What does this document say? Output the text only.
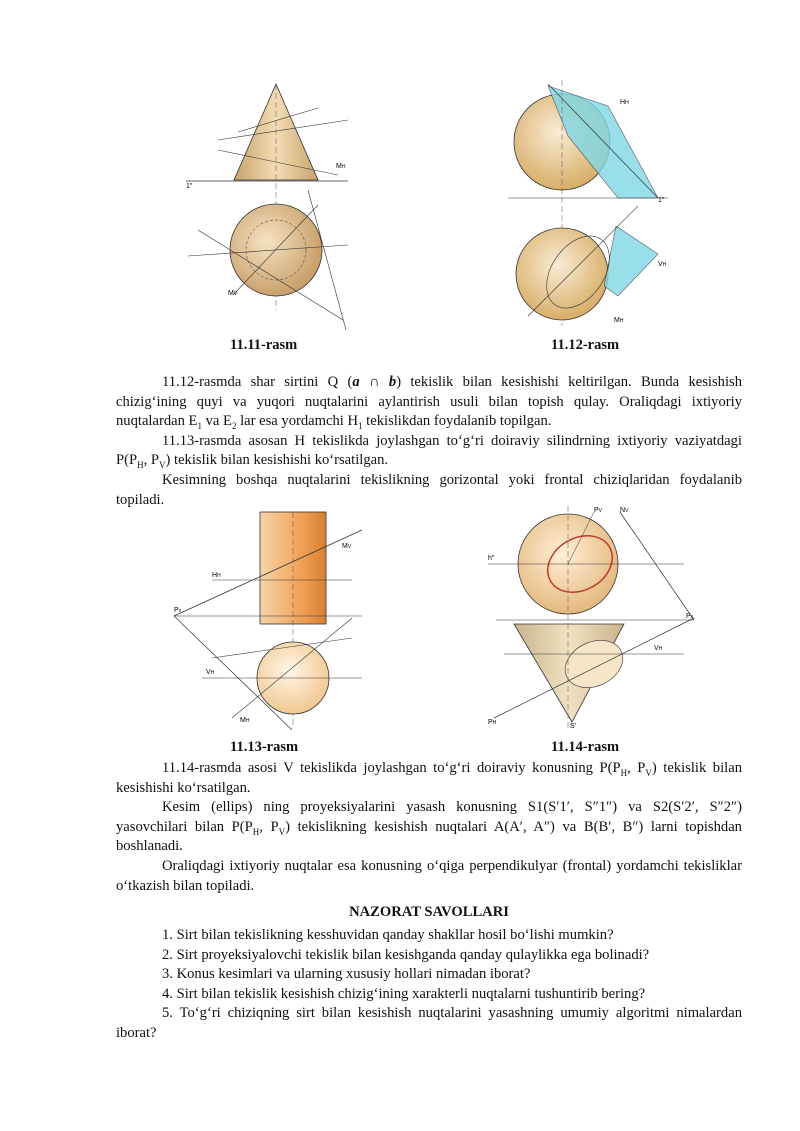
1″
MH
MV
HH
1″
VH
MH
11.11-rasm	11.12-rasm

11.12-rasmda shar sirtini Q (a ∩ b) tekislik bilan kesishishi keltirilgan. Bunda kesishish chizig‘ining quyi va yuqori nuqtalarini aylantirish usuli bilan topish qulay. Oraliqdagi ixtiyoriy nuqtalardan $E_1$ va $E_2$ lar esa yordamchi $H_1$ tekislikdan foydalanib topilgan.

11.13-rasmda asosan H tekislikda joylashgan to‘g‘ri doiraviy silindrning ixtiyoriy vaziyatdagi $P(P_H$, $P_V$) tekislik bilan kesishishi ko‘rsatilgan.

Kesimning boshqa nuqtalarini tekislikning gorizontal yoki frontal chiziqlaridan foydalanib topiladi.

HH
MV
Px
VH
MH
PV	NV
h″
Px
VH
PH	S′
11.13-rasm	11.14-rasm

11.14-rasmda asosi V tekislikda joylashgan to‘g‘ri doiraviy konusning $P(P_H$, $P_V$) tekislik bilan kesishishi ko‘rsatilgan.

Kesim (ellips) ning proyeksiyalarini yasash konusning S1(S′1′, S″1″) va S2(S′2′, S″2″) yasovchilari bilan $P(P_H$, $P_V$) tekislikning kesishish nuqtalari A(A′, A″) va B(B′, B″) larni topishdan boshlanadi.

Oraliqdagi ixtiyoriy nuqtalar esa konusning o‘qiga perpendikulyar (frontal) yordamchi tekisliklar o‘tkazish bilan topiladi.

NAZORAT SAVOLLARI

1. Sirt bilan tekislikning kesshuvidan qanday shakllar hosil bo‘lishi mumkin?

2. Sirt proyeksiyalovchi tekislik bilan kesishganda qanday qulaylikka ega bolinadi?

3. Konus kesimlari va ularning xususiy hollari nimadan iborat?

4. Sirt bilan tekislik kesishish chizig‘ining xarakterli nuqtalarni tushuntirib bering?

5. To‘g‘ri chiziqning sirt bilan kesishish nuqtalarini yasashning umumiy algoritmi nimalardan iborat?
